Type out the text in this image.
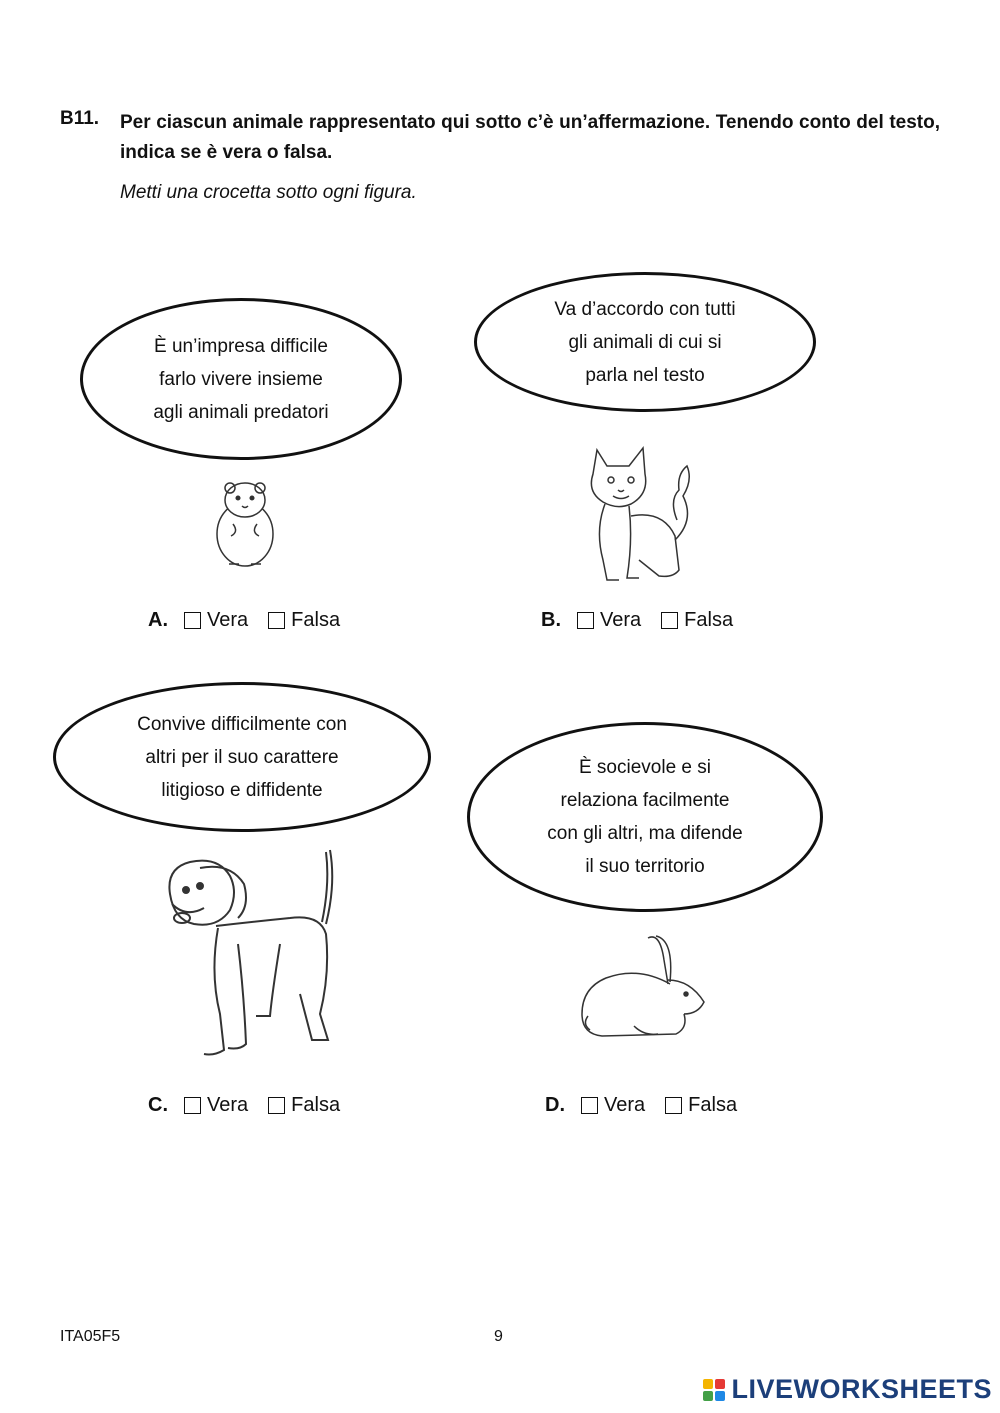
B11. Per ciascun animale rappresentato qui sotto c’è un’affermazione. Tenendo conto del testo, indica se è vera o falsa.
Metti una crocetta sotto ogni figura.
È un’impresa difficile
farlo vivere insieme
agli animali predatori
A. Vera Falsa
Va d’accordo con tutti
gli animali di cui si
parla nel testo
B. Vera Falsa
Convive difficilmente con
altri per il suo carattere
litigioso e diffidente
C. Vera Falsa
È socievole e si
relaziona facilmente
con gli altri, ma difende
il suo territorio
D. Vera Falsa
ITA05F5	9
LIVEWORKSHEETS
